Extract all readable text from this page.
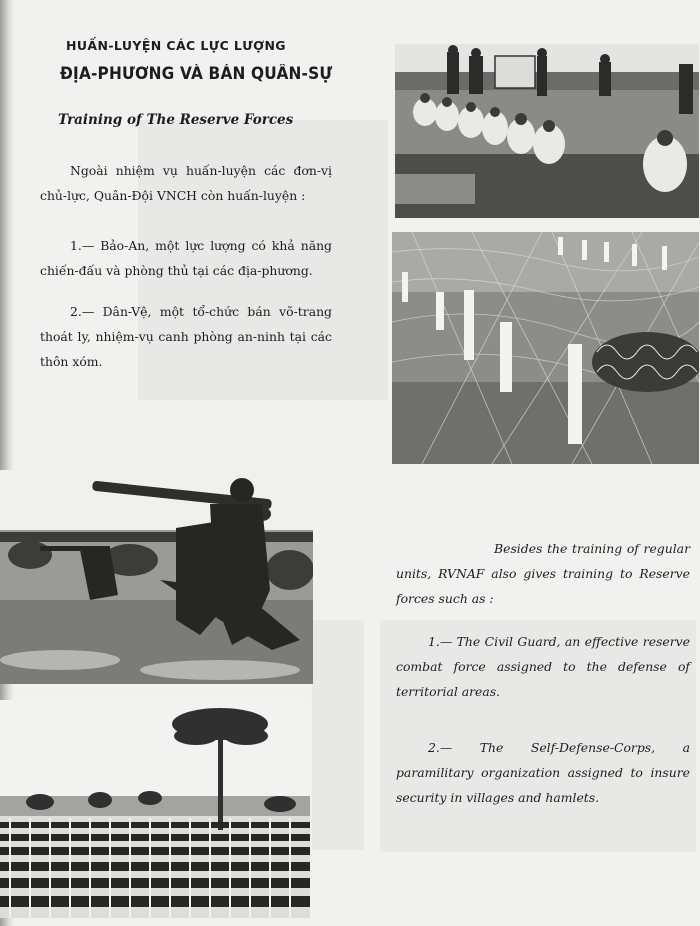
HUẤN-LUYỆN CÁC LỰC LƯỢNG
ĐỊA-PHƯƠNG VÀ BÁN QUÂN-SỰ
Training of The Reserve Forces

Ngoài nhiệm vụ huấn-luyện các đơn-vị chủ-lực, Quân-Đội VNCH còn huấn-luyện :

1.— Bảo-An, một lực lượng có khả năng chiến-đấu và phòng thủ tại các địa-phương.

2.— Dân-Vệ, một tổ-chức bán võ-trang thoát ly, nhiệm-vụ canh phòng an-ninh tại các thôn xóm.

Besides the training of regular units, RVNAF also gives training to Reserve forces such as :

1.— The Civil Guard, an effective reserve combat force assigned to the defense of territorial areas.

2.— The Self-Defense-Corps, a paramilitary organization assigned to insure security in villages and hamlets.
